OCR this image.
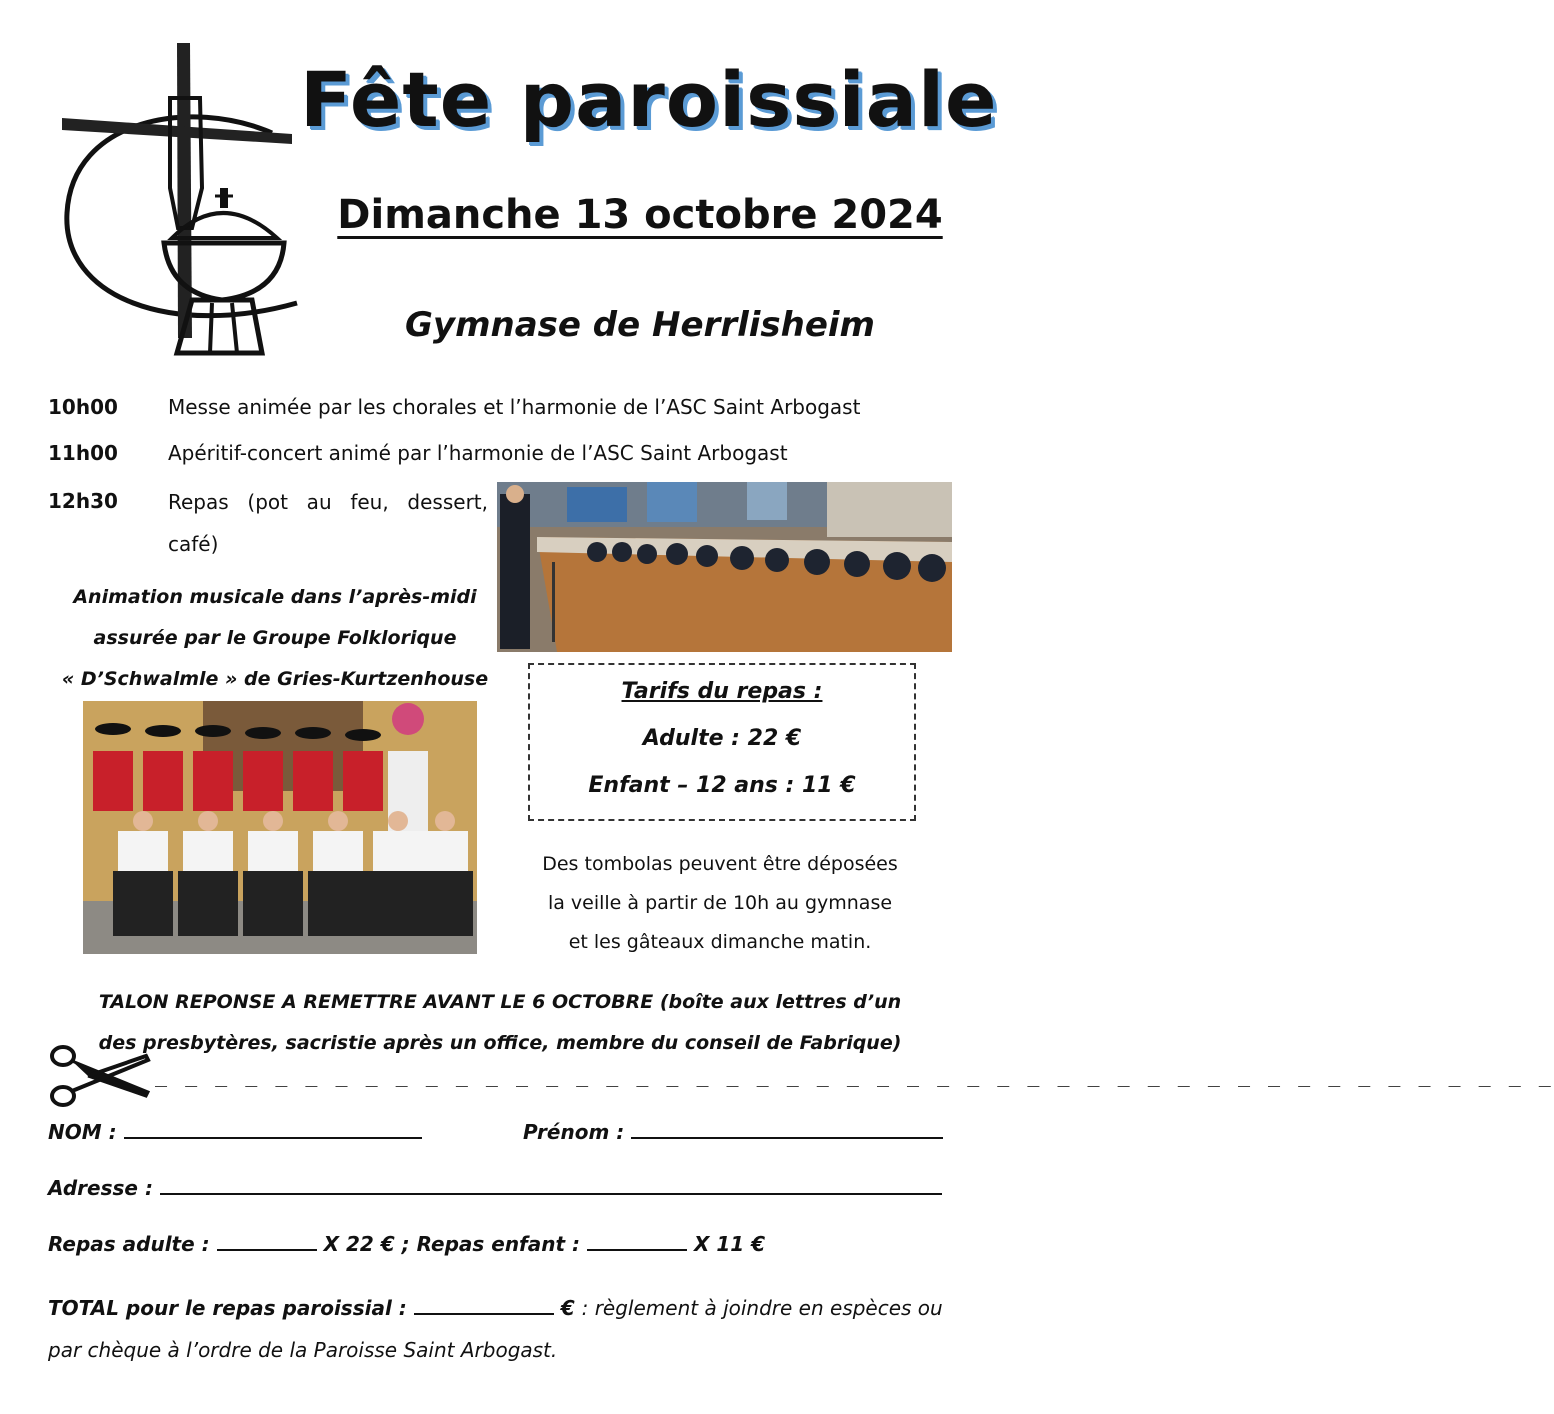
Fête paroissiale
Dimanche 13 octobre 2024
Gymnase de Herrlisheim
10h00	Messe animée par les chorales et l’harmonie de l’ASC Saint Arbogast
11h00	Apéritif-concert animé par l’harmonie de l’ASC Saint Arbogast
12h30	Repas (pot au feu, dessert, café)
Animation musicale dans l’après-midi
assurée par le Groupe Folklorique
« D’Schwalmle » de Gries-Kurtzenhouse	Tarifs du repas :
Adulte : 22 €
Enfant – 12 ans : 11 €
Des tombolas peuvent être déposées
la veille à partir de 10h au gymnase
et les gâteaux dimanche matin.
TALON REPONSE A REMETTRE AVANT LE 6 OCTOBRE (boîte aux lettres d’un
des presbytères, sacristie après un office, membre du conseil de Fabrique)
_ _ _ _ _ _ _ _ _ _ _ _ _ _ _ _ _ _ _ _ _ _ _ _ _ _ _ _ _ _ _ _ _ _ _ _ _ _ _ _ _ _ _ _ _ _ _
NOM :	Prénom :
Adresse :
Repas adulte :	X 22 € ; Repas enfant :	X 11 €
TOTAL pour le repas paroissial :	€ : règlement à joindre en espèces ou par chèque à l’ordre de la Paroisse Saint Arbogast.
